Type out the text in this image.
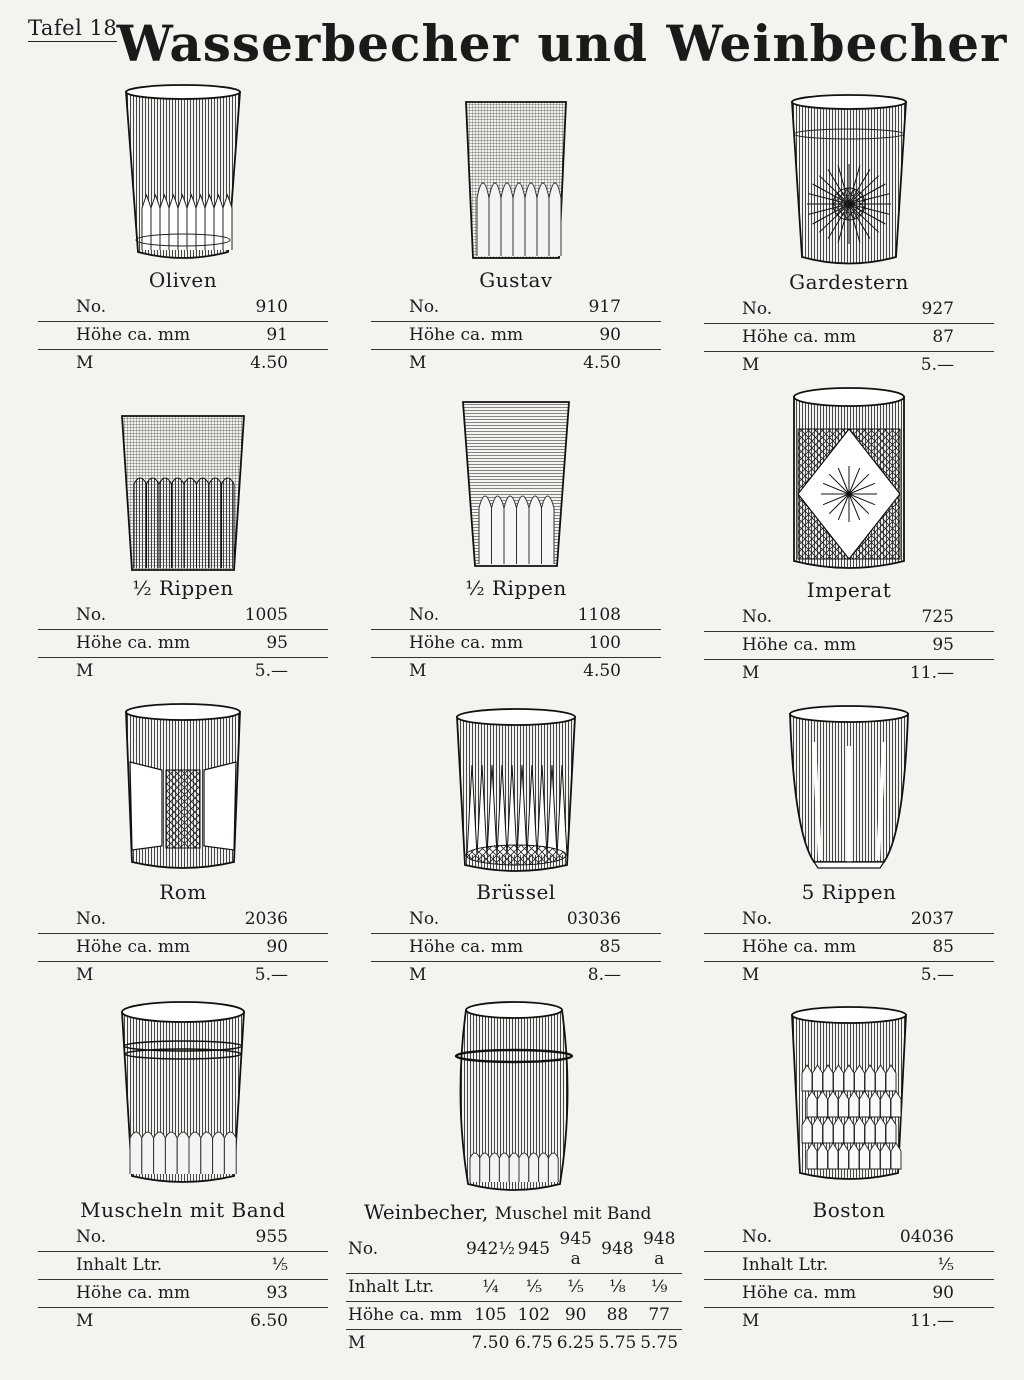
Tafel 18 Wasserbecher und Weinbecher
Oliven
No.	910
Höhe ca. mm	91
M	4.50
Gustav
No.	917
Höhe ca. mm	90
M	4.50
Gardestern
No.	927
Höhe ca. mm	87
M	5.—
½ Rippen
No.	1005
Höhe ca. mm	95
M	5.—
½ Rippen
No.	1108
Höhe ca. mm	100
M	4.50
Imperat
No.	725
Höhe ca. mm	95
M	11.—
Rom
No.	2036
Höhe ca. mm	90
M	5.—
Brüssel
No.	03036
Höhe ca. mm	85
M	8.—
5 Rippen
No.	2037
Höhe ca. mm	85
M	5.—
Muscheln mit Band
No.	955
Inhalt Ltr.	⅕
Höhe ca. mm	93
M	6.50
Boston
No.	04036
Inhalt Ltr.	⅕
Höhe ca. mm	90
M	11.—
Weinbecher, Muschel mit Band
No.	942½	945	945 a	948	948 a
Inhalt Ltr.	¼	⅕	⅕	⅛	⅑
Höhe ca. mm	105	102	90	88	77
M	7.50	6.75	6.25	5.75	5.75
